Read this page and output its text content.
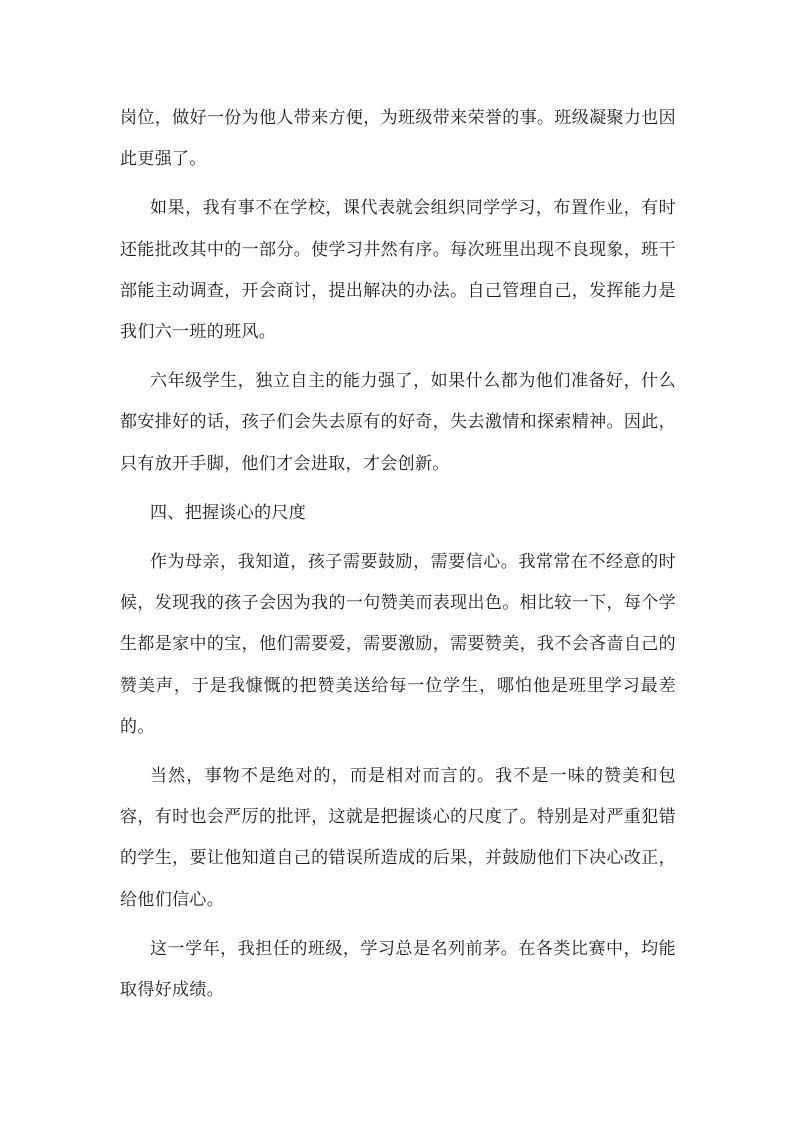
岗位，做好一份为他人带来方便，为班级带来荣誉的事。班级凝聚力也因此更强了。

如果，我有事不在学校，课代表就会组织同学学习，布置作业，有时还能批改其中的一部分。使学习井然有序。每次班里出现不良现象，班干部能主动调查，开会商讨，提出解决的办法。自己管理自己，发挥能力是我们六一班的班风。

六年级学生，独立自主的能力强了，如果什么都为他们准备好，什么都安排好的话，孩子们会失去原有的好奇，失去激情和探索精神。因此，只有放开手脚，他们才会进取，才会创新。

四、把握谈心的尺度

作为母亲，我知道，孩子需要鼓励，需要信心。我常常在不经意的时候，发现我的孩子会因为我的一句赞美而表现出色。相比较一下，每个学生都是家中的宝，他们需要爱，需要激励，需要赞美，我不会吝啬自己的赞美声，于是我慷慨的把赞美送给每一位学生，哪怕他是班里学习最差的。

当然，事物不是绝对的，而是相对而言的。我不是一味的赞美和包容，有时也会严厉的批评，这就是把握谈心的尺度了。特别是对严重犯错的学生，要让他知道自己的错误所造成的后果，并鼓励他们下决心改正，给他们信心。

这一学年，我担任的班级，学习总是名列前茅。在各类比赛中，均能取得好成绩。
